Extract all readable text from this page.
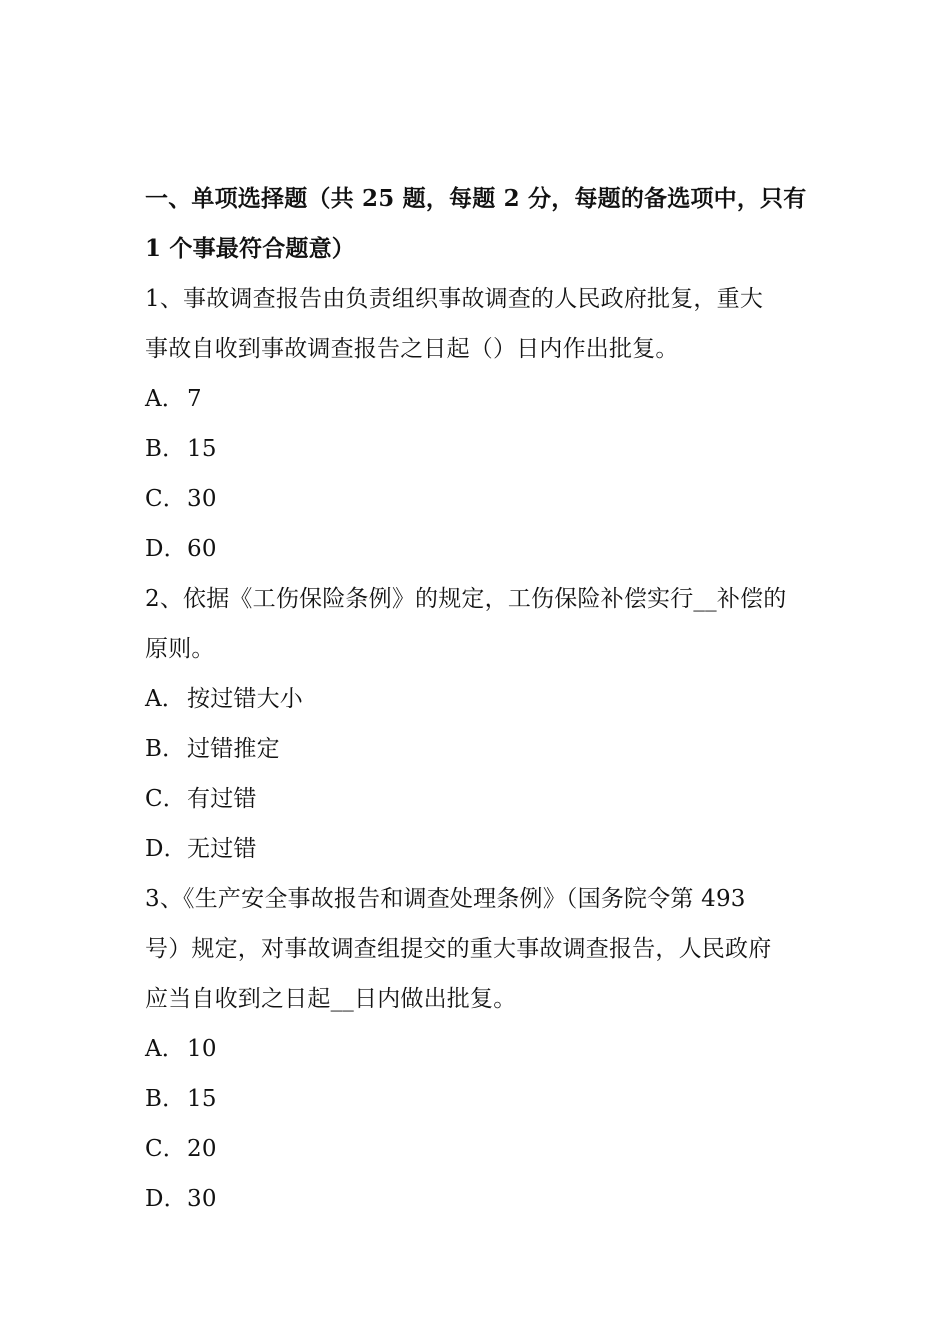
一、单项选择题（共 25 题，每题 2 分，每题的备选项中，只有
1 个事最符合题意）
1、事故调查报告由负责组织事故调查的人民政府批复，重大
事故自收到事故调查报告之日起（）日内作出批复。
A．7
B．15
C．30
D．60
2、依据《工伤保险条例》的规定，工伤保险补偿实行__补偿的
原则。
A．按过错大小
B．过错推定
C．有过错
D．无过错
3、《生产安全事故报告和调查处理条例》（国务院令第 493
号）规定，对事故调查组提交的重大事故调查报告，人民政府
应当自收到之日起__日内做出批复。
A．10
B．15
C．20
D．30
